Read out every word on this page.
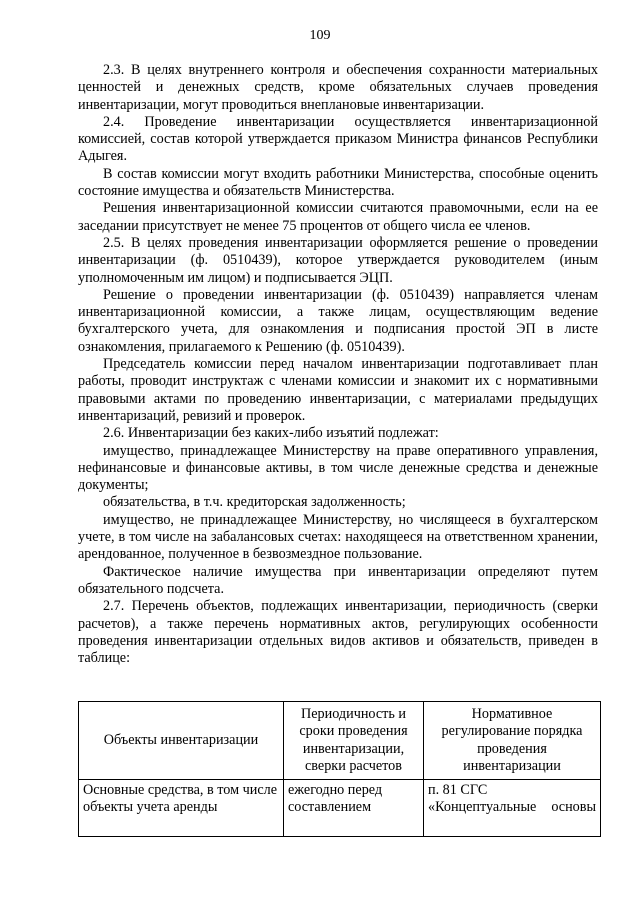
109

2.3. В целях внутреннего контроля и обеспечения сохранности материальных ценностей и денежных средств, кроме обязательных случаев проведения инвентаризации, могут проводиться внеплановые инвентаризации.

2.4. Проведение инвентаризации осуществляется инвентаризационной комиссией, состав которой утверждается приказом Министра финансов Республики Адыгея.

В состав комиссии могут входить работники Министерства, способные оценить состояние имущества и обязательств Министерства.

Решения инвентаризационной комиссии считаются правомочными, если на ее заседании присутствует не менее 75 процентов от общего числа ее членов.

2.5. В целях проведения инвентаризации оформляется решение о проведении инвентаризации (ф. 0510439), которое утверждается руководителем (иным уполномоченным им лицом) и подписывается ЭЦП.

Решение о проведении инвентаризации (ф. 0510439) направляется членам инвентаризационной комиссии, а также лицам, осуществляющим ведение бухгалтерского учета, для ознакомления и подписания простой ЭП в листе ознакомления, прилагаемого к Решению (ф. 0510439).

Председатель комиссии перед началом инвентаризации подготавливает план работы, проводит инструктаж с членами комиссии и знакомит их с нормативными правовыми актами по проведению инвентаризации, с материалами предыдущих инвентаризаций, ревизий и проверок.

2.6. Инвентаризации без каких-либо изъятий подлежат:

имущество, принадлежащее Министерству на праве оперативного управления, нефинансовые и финансовые активы, в том числе денежные средства и денежные документы;

обязательства, в т.ч. кредиторская задолженность;

имущество, не принадлежащее Министерству, но числящееся в бухгалтерском учете, в том числе на забалансовых счетах: находящееся на ответственном хранении, арендованное, полученное в безвозмездное пользование.

Фактическое наличие имущества при инвентаризации определяют путем обязательного подсчета.

2.7. Перечень объектов, подлежащих инвентаризации, периодичность (сверки расчетов), а также перечень нормативных актов, регулирующих особенности проведения инвентаризации отдельных видов активов и обязательств, приведен в таблице:

Объекты инвентаризации	Периодичность и сроки проведения инвентаризации, сверки расчетов	Нормативное регулирование порядка проведения инвентаризации
Основные средства, в том числе объекты учета аренды	ежегодно перед составлением	п. 81 СГС «Концептуальные основы
